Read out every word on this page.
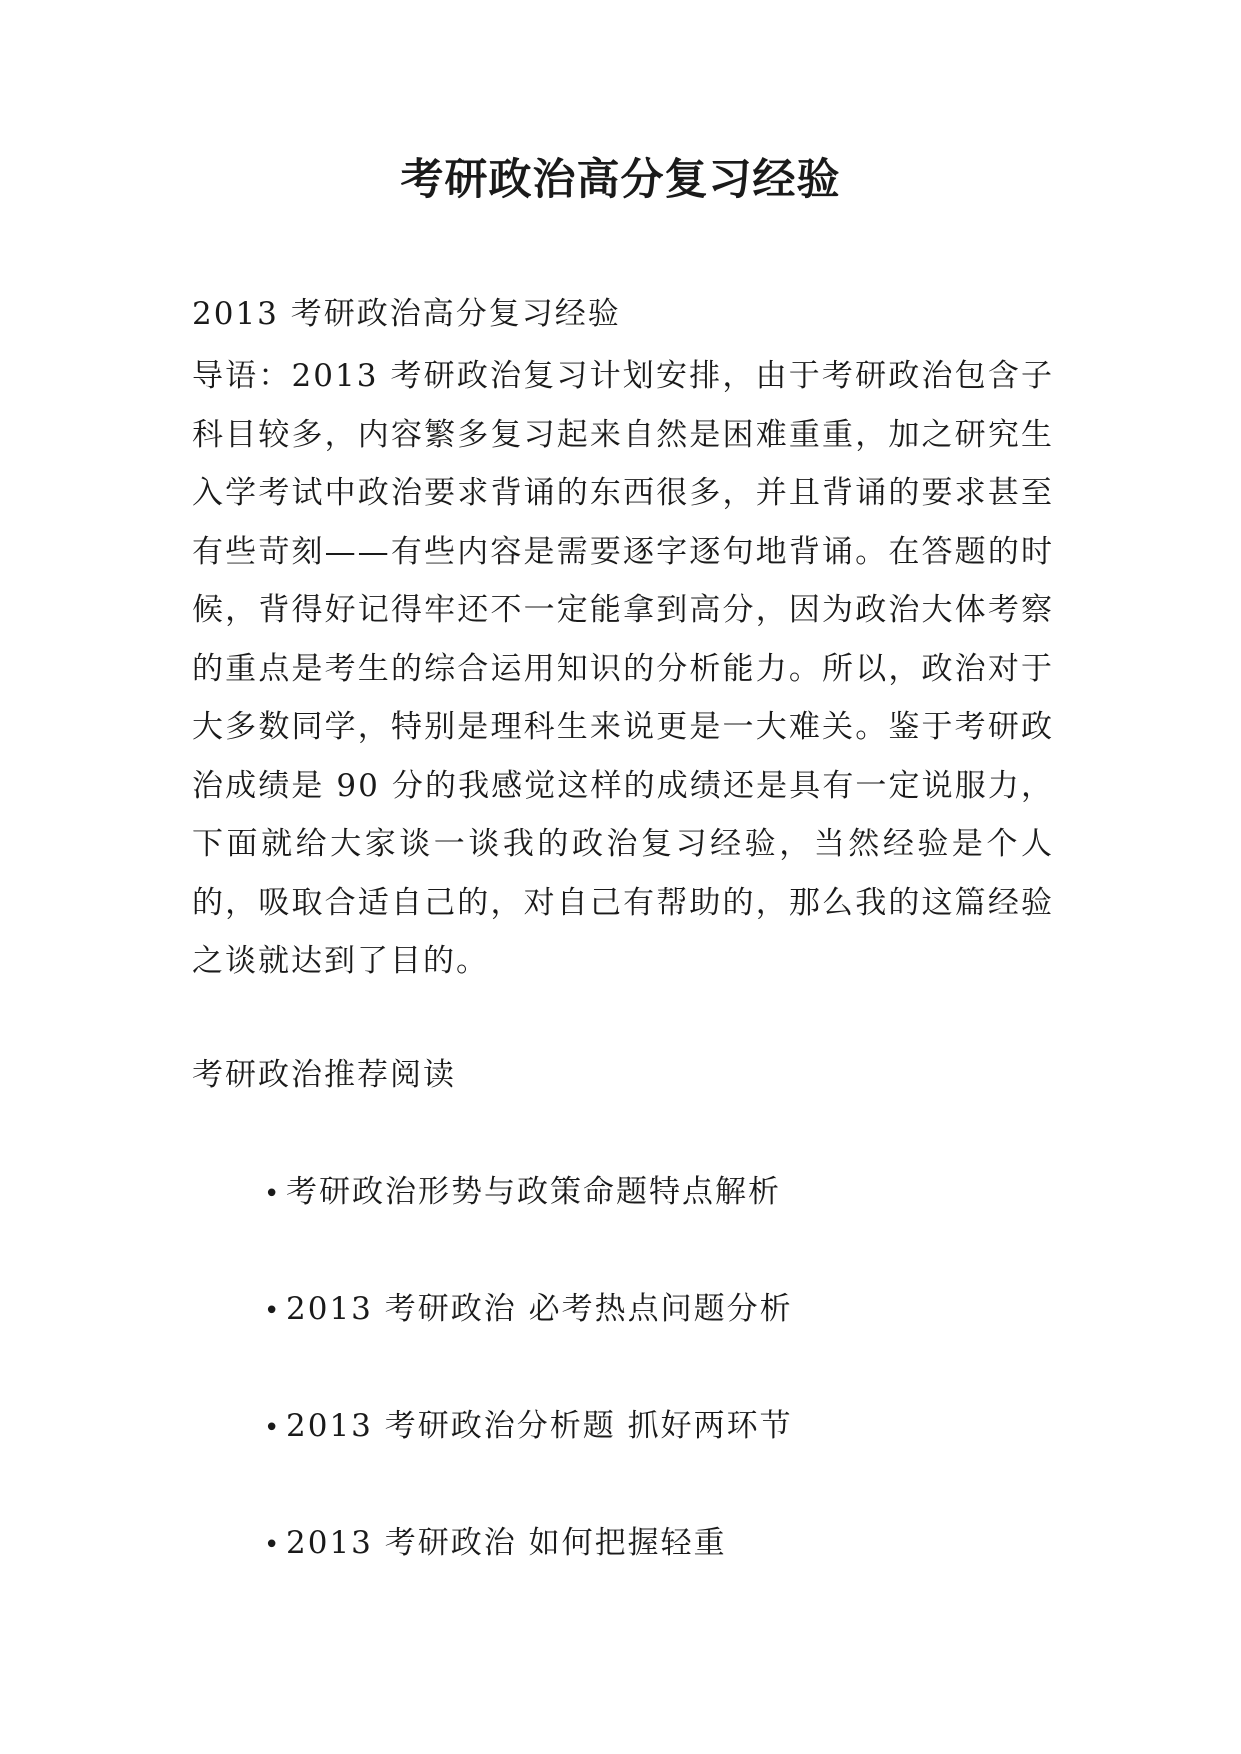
考研政治高分复习经验
2013 考研政治高分复习经验
导语：2013 考研政治复习计划安排，由于考研政治包含子科目较多，内容繁多复习起来自然是困难重重，加之研究生入学考试中政治要求背诵的东西很多，并且背诵的要求甚至有些苛刻——有些内容是需要逐字逐句地背诵。在答题的时候，背得好记得牢还不一定能拿到高分，因为政治大体考察的重点是考生的综合运用知识的分析能力。所以，政治对于大多数同学，特别是理科生来说更是一大难关。鉴于考研政治成绩是 90 分的我感觉这样的成绩还是具有一定说服力，下面就给大家谈一谈我的政治复习经验，当然经验是个人的，吸取合适自己的，对自己有帮助的，那么我的这篇经验之谈就达到了目的。
考研政治推荐阅读
• 考研政治形势与政策命题特点解析
• 2013 考研政治 必考热点问题分析
• 2013 考研政治分析题 抓好两环节
• 2013 考研政治 如何把握轻重
